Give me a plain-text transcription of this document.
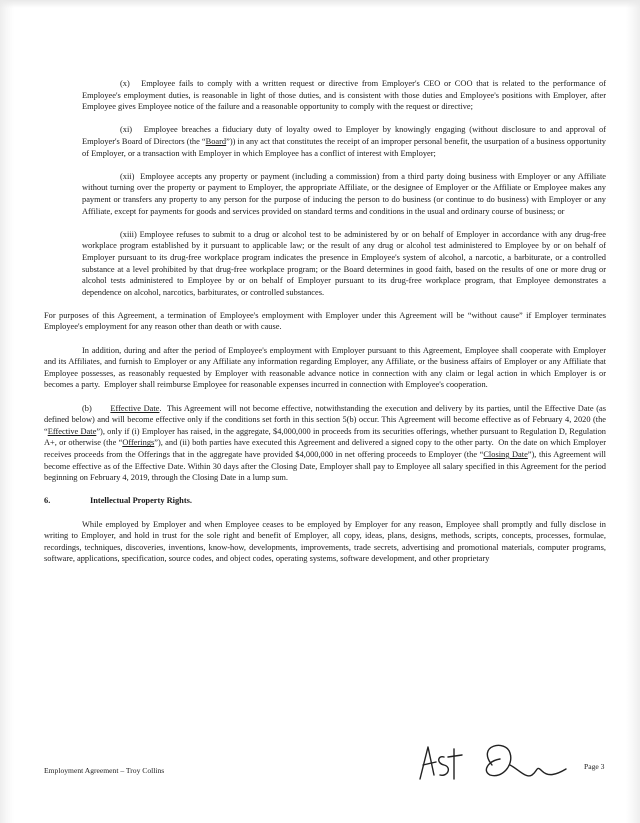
(x)   Employee fails to comply with a written request or directive from Employer's CEO or COO that is related to the performance of Employee's employment duties, is reasonable in light of those duties, and is consistent with those duties and Employee's positions with Employer, after Employee gives Employee notice of the failure and a reasonable opportunity to comply with the request or directive;

(xi)   Employee breaches a fiduciary duty of loyalty owed to Employer by knowingly engaging (without disclosure to and approval of Employer's Board of Directors (the “Board”)) in any act that constitutes the receipt of an improper personal benefit, the usurpation of a business opportunity of Employer, or a transaction with Employer in which Employee has a conflict of interest with Employer;

(xii)  Employee accepts any property or payment (including a commission) from a third party doing business with Employer or any Affiliate without turning over the property or payment to Employer, the appropriate Affiliate, or the designee of Employer or the Affiliate or Employee makes any payment or transfers any property to any person for the purpose of inducing the person to do business (or continue to do business) with Employer or any Affiliate, except for payments for goods and services provided on standard terms and conditions in the usual and ordinary course of business; or

(xiii) Employee refuses to submit to a drug or alcohol test to be administered by or on behalf of Employer in accordance with any drug-free workplace program established by it pursuant to applicable law; or the result of any drug or alcohol test administered to Employee by or on behalf of Employer pursuant to its drug-free workplace program indicates the presence in Employee's system of alcohol, a narcotic, a barbiturate, or a controlled substance at a level prohibited by that drug-free workplace program; or the Board determines in good faith, based on the results of one or more drug or alcohol tests administered to Employee by or on behalf of Employer pursuant to its drug-free workplace program, that Employee demonstrates a dependence on alcohol, narcotics, barbiturates, or controlled substances.

For purposes of this Agreement, a termination of Employee's employment with Employer under this Agreement will be “without cause” if Employer terminates Employee's employment for any reason other than death or with cause.

In addition, during and after the period of Employee's employment with Employer pursuant to this Agreement, Employee shall cooperate with Employer and its Affiliates, and furnish to Employer or any Affiliate any information regarding Employer, any Affiliate, or the business affairs of Employer or any Affiliate that Employee possesses, as reasonably requested by Employer with reasonable advance notice in connection with any claim or legal action in which Employer is or becomes a party.  Employer shall reimburse Employee for reasonable expenses incurred in connection with Employee's cooperation.

(b) Effective Date.  This Agreement will not become effective, notwithstanding the execution and delivery by its parties, until the Effective Date (as defined below) and will become effective only if the conditions set forth in this section 5(b) occur. This Agreement will become effective as of February 4, 2020 (the “Effective Date”), only if (i) Employer has raised, in the aggregate, $4,000,000 in proceeds from its securities offerings, whether pursuant to Regulation D, Regulation A+, or otherwise (the “Offerings”), and (ii) both parties have executed this Agreement and delivered a signed copy to the other party.  On the date on which Employer receives proceeds from the Offerings that in the aggregate have provided $4,000,000 in net offering proceeds to Employer (the “Closing Date”), this Agreement will become effective as of the Effective Date. Within 30 days after the Closing Date, Employer shall pay to Employee all salary specified in this Agreement for the period beginning on February 4, 2019, through the Closing Date in a lump sum.

6.	Intellectual Property Rights.

While employed by Employer and when Employee ceases to be employed by Employer for any reason, Employee shall promptly and fully disclose in writing to Employer, and hold in trust for the sole right and benefit of Employer, all copy, ideas, plans, designs, methods, scripts, concepts, processes, formulae, recordings, techniques, discoveries, inventions, know-how, developments, improvements, trade secrets, advertising and promotional materials, computer programs, software, applications, specification, source codes, and object codes, operating systems, software development, and other proprietary

Employment Agreement – Troy Collins	Page 3
